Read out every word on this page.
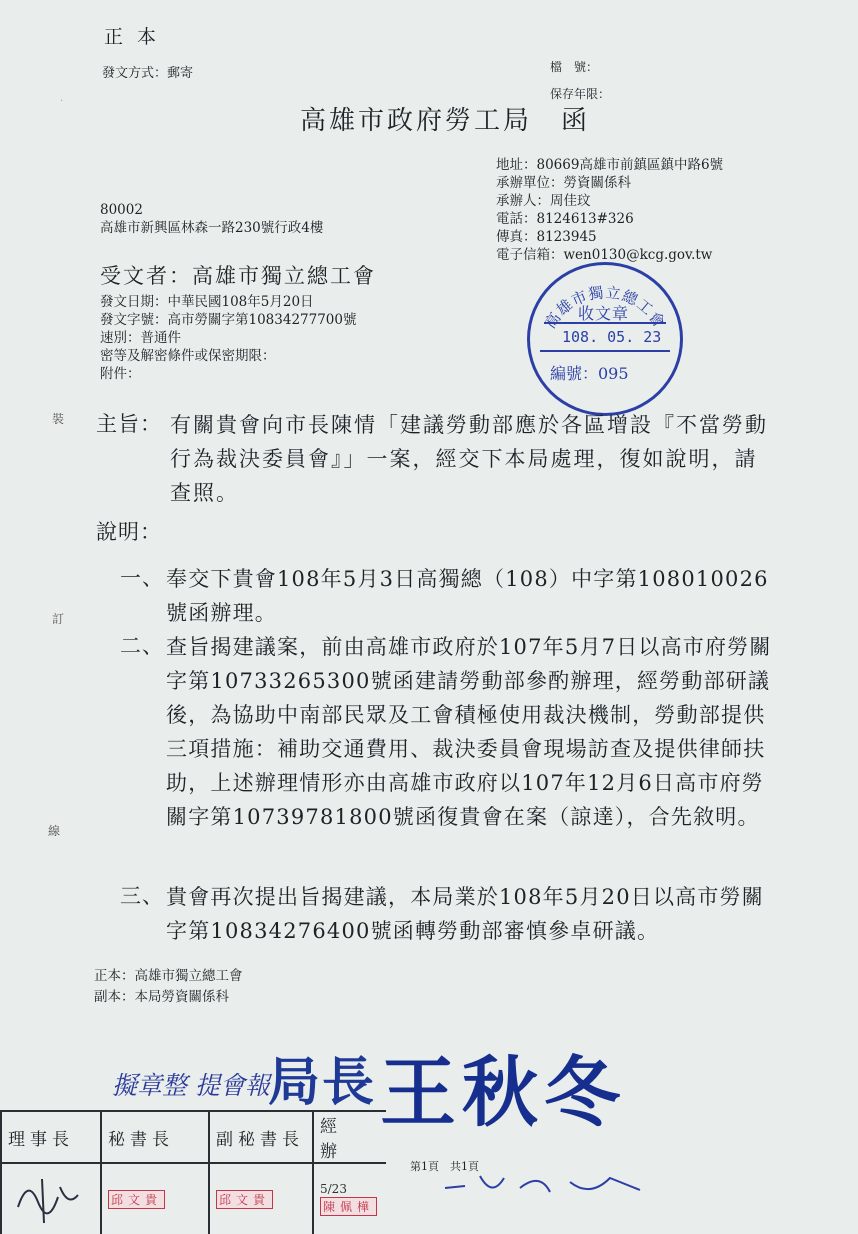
正本
發文方式：郵寄	檔　號：
保存年限：
高雄市政府勞工局　函
地址：80669高雄市前鎮區鎮中路6號
承辦單位：勞資關係科
承辦人：周佳玟
電話：8124613#326
傳真：8123945
電子信箱：wen0130@kcg.gov.tw
80002
高雄市新興區林森一路230號行政4樓
受文者：高雄市獨立總工會
發文日期：中華民國108年5月20日
發文字號：高市勞關字第10834277700號
速別：普通件
密等及解密條件或保密期限：
附件：
高雄市獨立總工會
收文章
108. 05. 23
編號：095
裝
訂
線
·
主旨： 有關貴會向市長陳情「建議勞動部應於各區增設『不當勞動行為裁決委員會』」一案，經交下本局處理，復如說明，請查照。
說明：
一、 奉交下貴會108年5月3日高獨總（108）中字第108010026號函辦理。
二、 查旨揭建議案，前由高雄市政府於107年5月7日以高市府勞關字第10733265300號函建請勞動部參酌辦理，經勞動部研議後，為協助中南部民眾及工會積極使用裁決機制，勞動部提供三項措施：補助交通費用、裁決委員會現場訪查及提供律師扶助，上述辦理情形亦由高雄市政府以107年12月6日高市府勞關字第10739781800號函復貴會在案（諒達），合先敘明。
三、 貴會再次提出旨揭建議，本局業於108年5月20日以高市勞關字第10834276400號函轉勞動部審慎參卓研議。
正本：高雄市獨立總工會
副本：本局勞資關係科
擬章整 提會報
局長 王秋冬
理事長	秘書長	副秘書長	經　辦
	邱文貴	邱文貴	5/23
陳佩樺
第1頁　共1頁
